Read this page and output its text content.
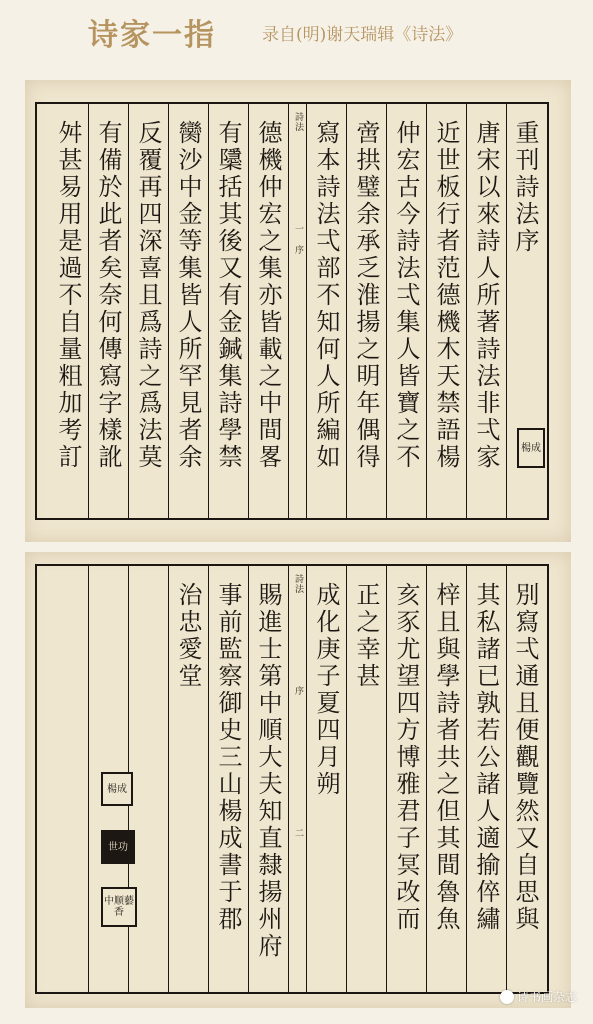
诗家一指	录自(明)谢天瑞辑《诗法》
重刊詩法序
唐宋以來詩人所著詩法非弌家
近世板行者范德機木天禁語楊
仲宏古今詩法弌集人皆寶之不
啻拱璧余承乏淮揚之明年偶得
寫本詩法弌部不知何人所編如
詩法  一 序
德機仲宏之集亦皆載之中間畧
有櫽括其後又有金鍼集詩學禁
臠沙中金等集皆人所罕見者余
反覆再四深喜且爲詩之爲法莫
有備於此者矣奈何傳寫字樣訛
舛甚易用是過不自量粗加考訂	楊成
別寫弌通且便觀覽然又自思與
其私諸已孰若公諸人適揄倅繡
梓且與學詩者共之但其間魯魚
亥豕尤望四方博雅君子冥改而
正之幸甚
成化庚子夏四月朔
詩法  序  二
賜進士第中順大夫知直隸揚州府
事前監察御史三山楊成書于郡
治忠愛堂
楊成
世功
中顺藝香
诗书画杂志
